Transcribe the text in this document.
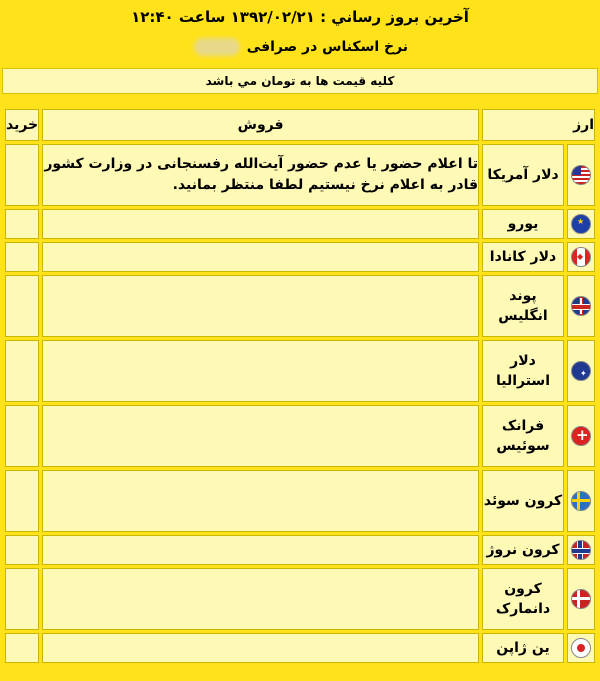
آخرین بروز رساني : ۱۳۹۲/۰۲/۲۱ ساعت ۱۲:۴۰
نرخ اسکناس در صرافی
کلیه قیمت ها به تومان مي باشد
ارز		فروش	خرید
	دلار آمریکا	تا اعلام حضور یا عدم حضور آیت‌الله رفسنجانی در وزارت کشور قادر به اعلام نرخ نیستیم لطفا منتظر بمانید.	
★	یورو		
◆	دلار کانادا		
	پوند انگلیس		
✦	دلار استرالیا		
+	فرانک سوئیس		
	کرون سوئد		
	کرون نروژ		
	کرون دانمارک		
	ین ژاپن		
